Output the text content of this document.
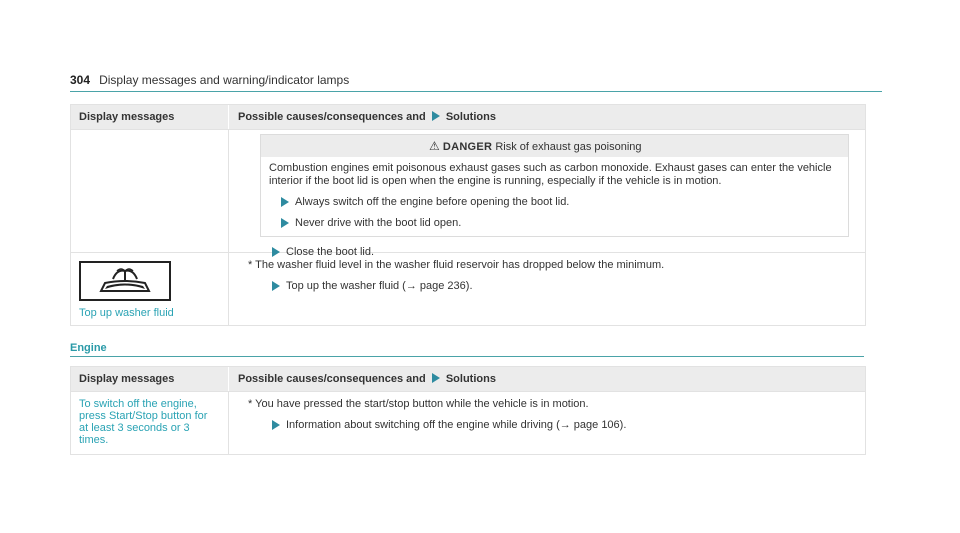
304 Display messages and warning/indicator lamps
Display messages	Possible causes/consequences and Solutions
⚠ DANGER Risk of exhaust gas poisoning
Combustion engines emit poisonous exhaust gases such as carbon monoxide. Exhaust gases can enter the vehicle interior if the boot lid is open when the engine is running, especially if the vehicle is in motion.
Always switch off the engine before opening the boot lid.
Never drive with the boot lid open.
Close the boot lid.
Top up washer fluid
* The washer fluid level in the washer fluid reservoir has dropped below the minimum.
Top up the washer fluid (→ page 236).
Engine
Display messages	Possible causes/consequences and Solutions
To switch off the engine, press Start/Stop button for at least 3 seconds or 3 times.
* You have pressed the start/stop button while the vehicle is in motion.
Information about switching off the engine while driving (→ page 106).
